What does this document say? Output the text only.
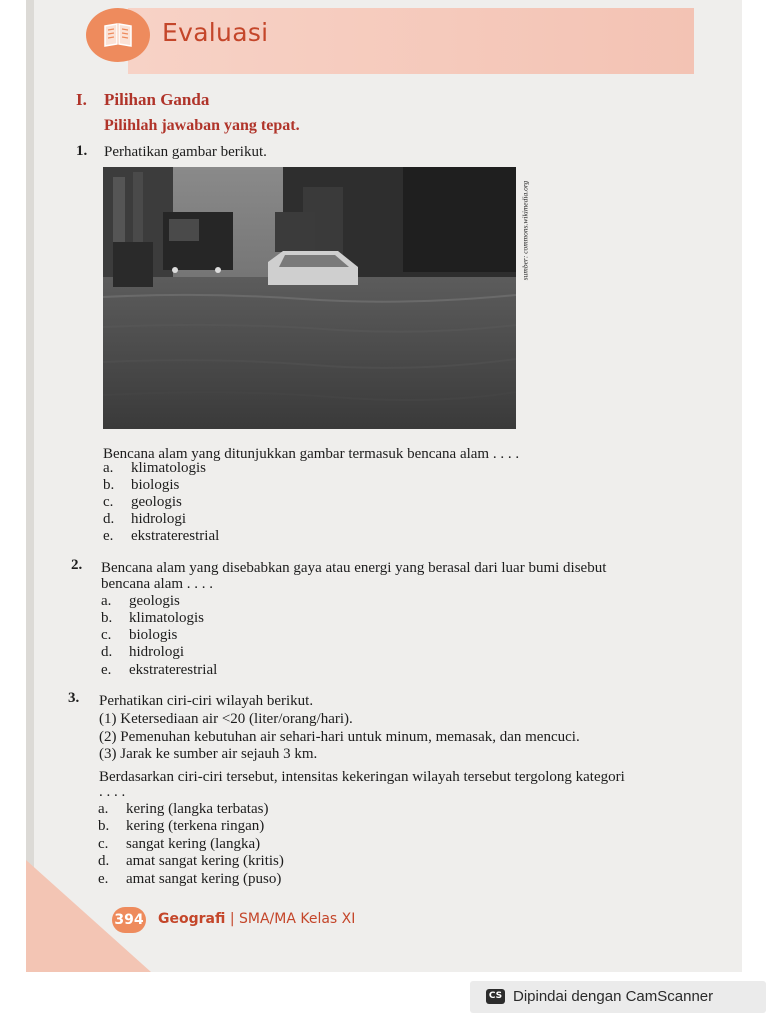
Evaluasi
I. Pilihan Ganda
Pilihlah jawaban yang tepat.
1. Perhatikan gambar berikut.
sumber: commons.wikimedia.org
Bencana alam yang ditunjukkan gambar termasuk bencana alam . . . .
a. klimatologis
b. biologis
c. geologis
d. hidrologi
e. ekstraterestrial
2. Bencana alam yang disebabkan gaya atau energi yang berasal dari luar bumi disebut
bencana alam . . . .
a. geologis
b. klimatologis
c. biologis
d. hidrologi
e. ekstraterestrial
3. Perhatikan ciri-ciri wilayah berikut.
(1) Ketersediaan air <20 (liter/orang/hari).
(2) Pemenuhan kebutuhan air sehari-hari untuk minum, memasak, dan mencuci.
(3) Jarak ke sumber air sejauh 3 km.
Berdasarkan ciri-ciri tersebut, intensitas kekeringan wilayah tersebut tergolong kategori
. . . .
a. kering (langka terbatas)
b. kering (terkena ringan)
c. sangat kering (langka)
d. amat sangat kering (kritis)
e. amat sangat kering (puso)
394 Geografi | SMA/MA Kelas XI
CS Dipindai dengan CamScanner
